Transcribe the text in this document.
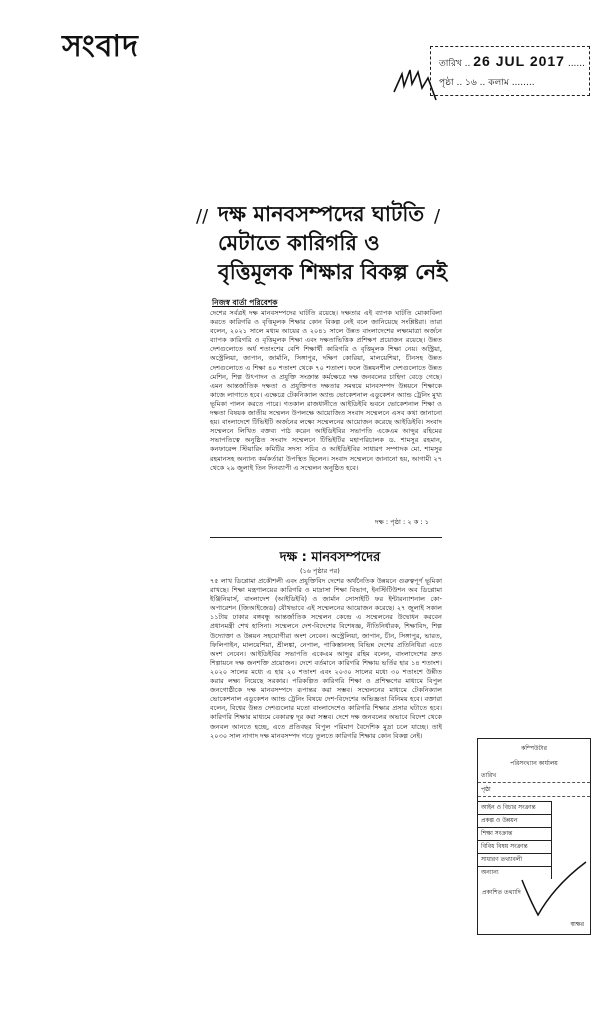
সংবাদ	তারিখ .. 26 JUL 2017 ......
পৃষ্ঠা .. ১৬ .. কলাম ........
//	/
দক্ষ মানবসম্পদের ঘাটতি মেটাতে কারিগরি ও বৃত্তিমূলক শিক্ষার বিকল্প নেই
নিজস্ব বার্তা পরিবেশক
দেশের সর্বত্রই দক্ষ মানবসম্পদের ঘাটতি রয়েছে। দক্ষতার এই ব্যাপক ঘাটতি মোকাবিলা করতে কারিগরি ও বৃত্তিমূলক শিক্ষার কোন বিকল্প নেই বলে জানিয়েছে সংশ্লিষ্টরা। তারা বলেন, ২০২১ সালে মধ্যম আয়ের ও ২০৪১ সালে উন্নত বাংলাদেশের লক্ষ্যমাত্রা অর্জনে ব্যাপক কারিগরি ও বৃত্তিমূলক শিক্ষা এবং দক্ষতাভিত্তিক প্রশিক্ষণ প্রয়োজন রয়েছে। উন্নত দেশগুলোতে অর্ধ শতাংশের বেশি শিক্ষার্থী কারিগরি ও বৃত্তিমূলক শিক্ষা নেয়। অস্ট্রিয়া, অস্ট্রেলিয়া, জাপান, জার্মানি, সিঙ্গাপুর, দক্ষিণ কোরিয়া, মালয়েশিয়া, চীনসহ উন্নত দেশগুলোতে এ শিক্ষা ৪০ শতাংশ থেকে ৭০ শতাংশ। ফলে উন্নয়নশীল দেশগুলোতে উন্নত মেশিন, শিল্প উৎপাদন ও প্রযুক্তি সংক্রান্ত কর্মক্ষেত্রে দক্ষ জনবলের চাহিদা বেড়ে গেছে। এমন আন্তর্জাতিক দক্ষতা ও প্রযুক্তিগত দক্ষতার সমন্বয়ে মানবসম্পদ উন্নয়নে শিক্ষাকে কাজে লাগাতে হবে। এক্ষেত্রে টেকনিক্যাল অ্যান্ড ভোকেশনাল এডুকেশন অ্যান্ড ট্রেনিং মুখ্য ভূমিকা পালন করতে পারে। গতকাল রাজধানীতে আইডিইবি ভবনে ভোকেশনাল শিক্ষা ও দক্ষতা বিষয়ক জাতীয় সম্মেলন উপলক্ষে আয়োজিত সংবাদ সম্মেলনে এসব কথা জানানো হয়। বাংলাদেশে টিভিইটি অর্জনের লক্ষ্যে সম্মেলনের আয়োজন করেছে আইডিইবি। সংবাদ সম্মেলনে লিখিত বক্তব্য পাঠ করেন আইডিইবির সভাপতি একেএম আব্দুর রহিমের সভাপতিত্বে অনুষ্ঠিত সংবাদ সম্মেলনে টিভিইটির মহাপরিচালক ড. শামসুর রহমান, কনফারেন্স স্টিয়ারিং কমিটির সদস্য সচিব ও আইডিইবির সাধারণ সম্পাদক মো. শামসুর রহমানসহ অন্যান্য কর্মকর্তারা উপস্থিত ছিলেন। সংবাদ সম্মেলনে জানানো হয়, আগামী ২৭ থেকে ২৯ জুলাই তিন দিনব্যাপী এ সম্মেলন অনুষ্ঠিত হবে।
দক্ষ : পৃষ্ঠা : ২ ক : ১
দক্ষ : মানবসম্পদের
(১৬ পৃষ্ঠার পর)
৭৫ লাখ ডিপ্লোমা প্রকৌশলী এবং প্রযুক্তিবিদ দেশের অর্থনৈতিক উন্নয়নে গুরুত্বপূর্ণ ভূমিকা রাখছে। শিক্ষা মন্ত্রণালয়ের কারিগরি ও মাদ্রাসা শিক্ষা বিভাগ, ইনস্টিটিউশন অব ডিপ্লোমা ইঞ্জিনিয়ার্স, বাংলাদেশ (আইডিইবি) ও জার্মান সোসাইটি ফর ইন্টারন্যাশনাল কো-অপারেশন (জিআইজেড) যৌথভাবে এই সম্মেলনের আয়োজন করেছে। ২৭ জুলাই সকাল ১১টায় ঢাকার বঙ্গবন্ধু আন্তর্জাতিক সম্মেলন কেন্দ্রে এ সম্মেলনের উদ্বোধন করবেন প্রধানমন্ত্রী শেখ হাসিনা। সম্মেলনে দেশ-বিদেশের বিশেষজ্ঞ, নীতিনির্ধারক, শিক্ষাবিদ, শিল্প উদ্যোক্তা ও উন্নয়ন সহযোগীরা অংশ নেবেন। অস্ট্রেলিয়া, জাপান, চীন, সিঙ্গাপুর, ভারত, ফিলিপাইন, মালয়েশিয়া, শ্রীলঙ্কা, নেপাল, পাকিস্তানসহ বিভিন্ন দেশের প্রতিনিধিরা এতে অংশ নেবেন। আইডিইবির সভাপতি একেএম আব্দুর রহিম বলেন, বাংলাদেশের দ্রুত শিল্পায়নে দক্ষ জনশক্তি প্রয়োজন। দেশে বর্তমানে কারিগরি শিক্ষায় ভর্তির হার ১৪ শতাংশ। ২০২০ সালের মধ্যে এ হার ২০ শতাংশ এবং ২০৩০ সালের মধ্যে ৩০ শতাংশে উন্নীত করার লক্ষ্য নিয়েছে সরকার। পরিকল্পিত কারিগরি শিক্ষা ও প্রশিক্ষণের মাধ্যমে বিপুল জনগোষ্ঠীকে দক্ষ মানবসম্পদে রূপান্তর করা সম্ভব। সম্মেলনের মাধ্যমে টেকনিক্যাল ভোকেশনাল এডুকেশন অ্যান্ড ট্রেনিং বিষয়ে দেশ-বিদেশের অভিজ্ঞতা বিনিময় হবে। বক্তারা বলেন, বিশ্বের উন্নত দেশগুলোর মতো বাংলাদেশেও কারিগরি শিক্ষার প্রসার ঘটাতে হবে। কারিগরি শিক্ষার মাধ্যমে বেকারত্ব দূর করা সম্ভব। দেশে দক্ষ জনবলের অভাবে বিদেশ থেকে জনবল আনতে হচ্ছে, এতে প্রতিবছর বিপুল পরিমাণ বৈদেশিক মুদ্রা চলে যাচ্ছে। তাই ২০৩০ সাল নাগাদ দক্ষ মানবসম্পদ গড়ে তুলতে কারিগরি শিক্ষার কোন বিকল্প নেই।
কম্পিউটার
পরিসংখ্যান কার্যালয়
তারিখ
পৃষ্ঠা
আইন ও বিচার সংক্রান্ত
প্রকল্প ও উন্নয়ন
শিক্ষা সংক্রান্ত
বিবিধ বিষয় সংক্রান্ত
সাধারণ তথ্যাবলী
অন্যান্য
প্রকাশিত তথ্যাদি
স্বাক্ষর
